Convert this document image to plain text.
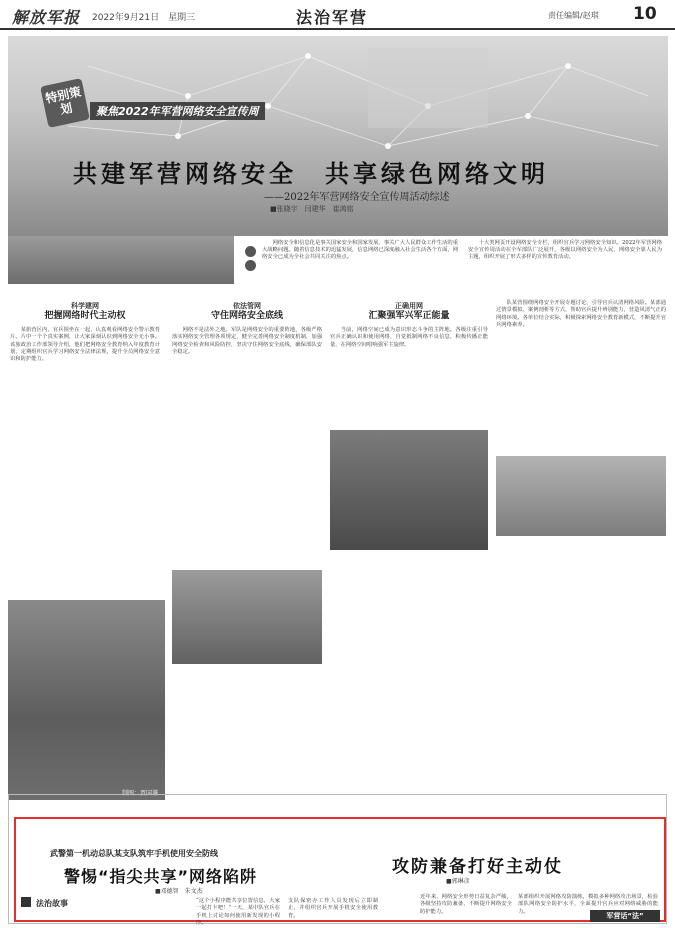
解放军报 2022年9月21日　星期三	法治军营	责任编辑/赵琪 10
特别策划	聚焦2022年军营网络安全宣传周
共建军营网络安全　共享绿色网络文明
——2022年军营网络安全宣传周活动综述
■张晓宇　闫建华　崔鸿铭

网络安全和信息化是事关国家安全和国家发展、事关广大人民群众工作生活的重大战略问题。随着信息技术的迅猛发展，信息网络已深度融入社会生活各个方面，网络安全已成为全社会共同关注的焦点。

十大类网页开设网络安全专栏，组织官兵学习网络安全知识。2022年军营网络安全宣传周活动在全军部队广泛展开，各级以网络安全为人民、网络安全靠人民为主题，组织开展了形式多样的宣传教育活动。

科学建网
把握网络时代主动权

某旅营区内，官兵围坐在一起，认真观看网络安全警示教育片。片中一个个真实案例，让大家深刻认识到网络安全无小事。该旅政治工作部领导介绍，他们把网络安全教育纳入年度教育计划，定期组织官兵学习网络安全法律法规，提升全员网络安全意识和防护能力。

制图：贾国谦
依法管网
守住网络安全底线

网络不是法外之地。军队是网络安全的重要阵地，各级严格落实网络安全管理各项规定，健全完善网络安全制度机制，加强网络安全检查和风险防控，坚决守住网络安全底线，确保部队安全稳定。

正确用网
汇聚强军兴军正能量

当前，网络空间已成为意识形态斗争的主阵地。各级注重引导官兵正确认识和使用网络，自觉抵制网络不良信息，积极传播正能量，在网络空间唱响强军主旋律。

队某营围绕网络安全开展专题讨论，引导官兵认清网络风险。某部通过情景模拟、案例剖析等方式，帮助官兵提升辨别能力，营造风清气正的网络环境。各单位结合实际，积极探索网络安全教育新模式，不断提升官兵网络素养。

武警第一机动总队某支队筑牢手机使用安全防线
警惕“指尖共享”网络陷阱
■邓德智　朱文杰
法治故事	“这个小程序能共享位置信息，大家一起打卡吧！”一天，某中队官兵在手机上讨论如何使用新发现的小程序。
支队保密办工作人员发现后立即制止，并组织官兵开展手机安全使用教育。
攻防兼备打好主动仗
■郭琳彦
近年来，网络安全形势日益复杂严峻，各级坚持攻防兼备，不断提升网络安全防护能力。
某部组织开展网络攻防演练，模拟多种网络攻击场景，检验部队网络安全防护水平，全面提升官兵应对网络威胁的能力。
军营话“法”
